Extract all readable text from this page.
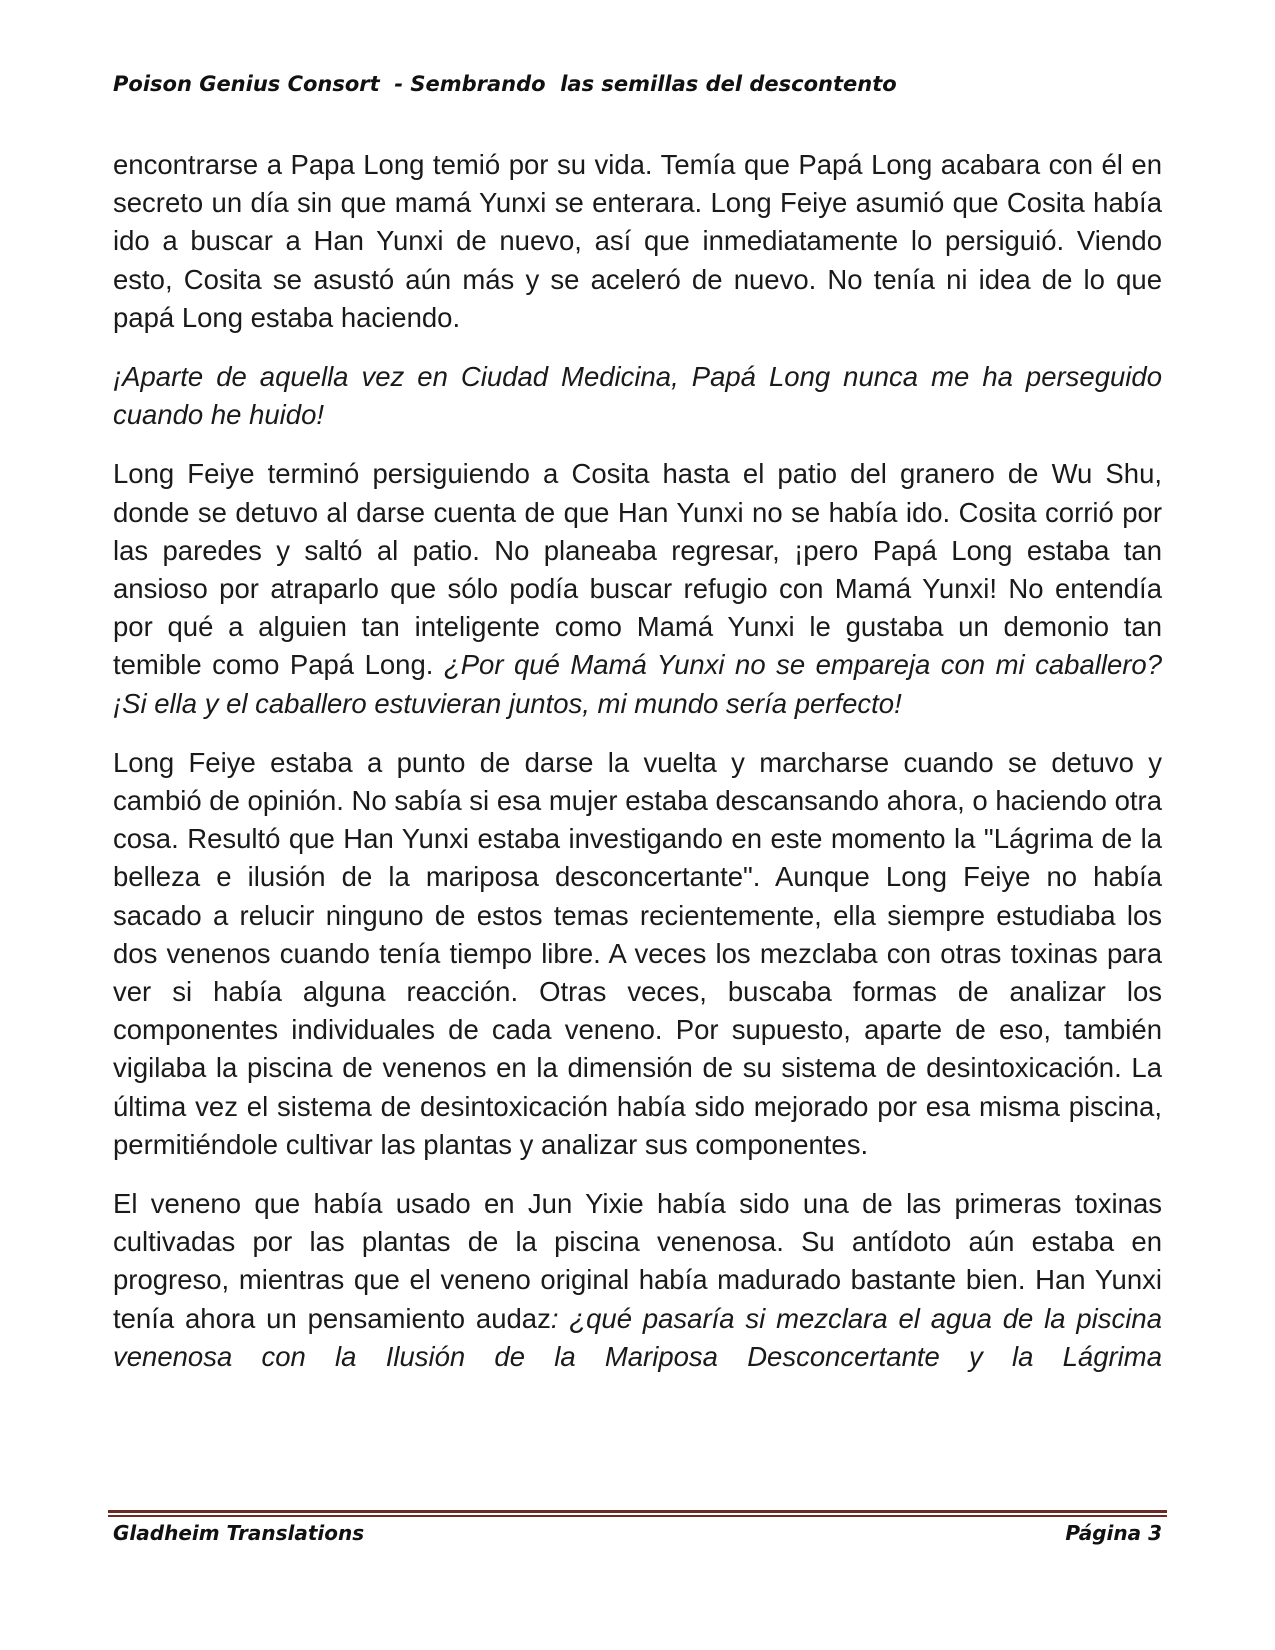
Poison Genius Consort  - Sembrando  las semillas del descontento

encontrarse a Papa Long temió por su vida. Temía que Papá Long acabara con él en secreto un día sin que mamá Yunxi se enterara. Long Feiye asumió que Cosita había ido a buscar a Han Yunxi de nuevo, así que inmediatamente lo persiguió. Viendo esto, Cosita se asustó aún más y se aceleró de nuevo. No tenía ni idea de lo que papá Long estaba haciendo.

¡Aparte de aquella vez en Ciudad Medicina, Papá Long nunca me ha perseguido cuando he huido!

Long Feiye terminó persiguiendo a Cosita hasta el patio del granero de Wu Shu, donde se detuvo al darse cuenta de que Han Yunxi no se había ido. Cosita corrió por las paredes y saltó al patio. No planeaba regresar, ¡pero Papá Long estaba tan ansioso por atraparlo que sólo podía buscar refugio con Mamá Yunxi! No entendía por qué a alguien tan inteligente como Mamá Yunxi le gustaba un demonio tan temible como Papá Long. ¿Por qué Mamá Yunxi no se empareja con mi caballero? ¡Si ella y el caballero estuvieran juntos, mi mundo sería perfecto!

Long Feiye estaba a punto de darse la vuelta y marcharse cuando se detuvo y cambió de opinión. No sabía si esa mujer estaba descansando ahora, o haciendo otra cosa. Resultó que Han Yunxi estaba investigando en este momento la "Lágrima de la belleza e ilusión de la mariposa desconcertante". Aunque Long Feiye no había sacado a relucir ninguno de estos temas recientemente, ella siempre estudiaba los dos venenos cuando tenía tiempo libre. A veces los mezclaba con otras toxinas para ver si había alguna reacción. Otras veces, buscaba formas de analizar los componentes individuales de cada veneno. Por supuesto, aparte de eso, también vigilaba la piscina de venenos en la dimensión de su sistema de desintoxicación. La última vez el sistema de desintoxicación había sido mejorado por esa misma piscina, permitiéndole cultivar las plantas y analizar sus componentes.

El veneno que había usado en Jun Yixie había sido una de las primeras toxinas cultivadas por las plantas de la piscina venenosa. Su antídoto aún estaba en progreso, mientras que el veneno original había madurado bastante bien. Han Yunxi tenía ahora un pensamiento audaz: ¿qué pasaría si mezclara el agua de la piscina venenosa con la Ilusión de la Mariposa Desconcertante y la Lágrima

Gladheim Translations	Página 3
